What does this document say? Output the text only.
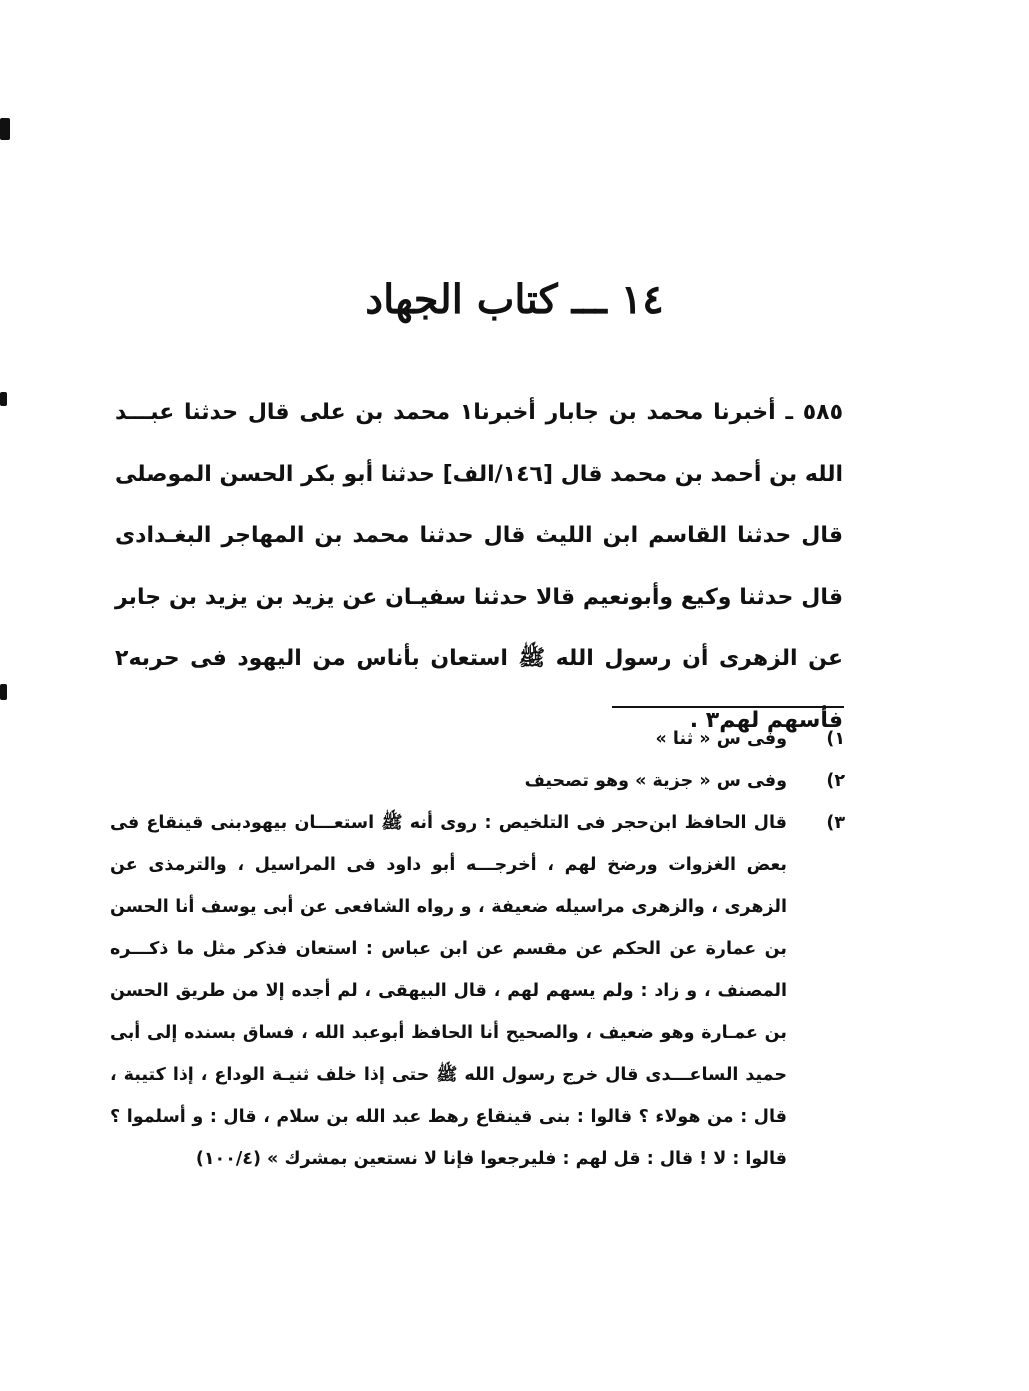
١٤ ـــ كتاب الجهاد
٥٨٥ ـ أخبرنا محمد بن جابار أخبرنا١ محمد بن على قال حدثنا عبـــد الله بن أحمد بن محمد قال [١٤٦/الف] حدثنا أبو بكر الحسن الموصلى قال حدثنا القاسم ابن الليث قال حدثنا محمد بن المهاجر البغـدادى قال حدثنا وكيع وأبونعيم قالا حدثنا سفيـان عن يزيد بن يزيد بن جابر عن الزهرى أن رسول الله ﷺ استعان بأناس من اليهود فى حربه٢ فأسهم لهم٣ .
١)
وفى س « ثنا »
٢)
وفى س « جزية » وهو تصحيف
٣)
قال الحافظ ابن‌حجر فى التلخيص : روى أنه ﷺ استعـــان بيهودبنى قينقاع فى بعض الغزوات ورضخ لهم ، أخرجـــه أبو داود فى المراسيل ، والترمذى عن الزهرى ، والزهرى مراسيله ضعيفة ، و رواه الشافعى عن أبى يوسف أنا الحسن بن عمارة عن الحكم عن مقسم عن ابن عباس : استعان فذكر مثل ما ذكـــره المصنف ، و زاد : ولم يسهم لهم ، قال البيهقى ، لم أجده إلا من طريق الحسن بن عمـارة وهو ضعيف ، والصحيح أنا الحافظ أبوعبد الله ، فساق بسنده إلى أبى حميد الساعـــدى قال خرج رسول الله ﷺ حتى إذا خلف ثنيـة الوداع ، إذا كتيبة ، قال : من هولاء ؟ قالوا : بنى قينقاع رهط عبد الله بن سلام ، قال : و أسلموا ؟ قالوا : لا ! قال : قل لهم : فليرجعوا فإنا لا نستعين بمشرك » (١٠٠/٤)
